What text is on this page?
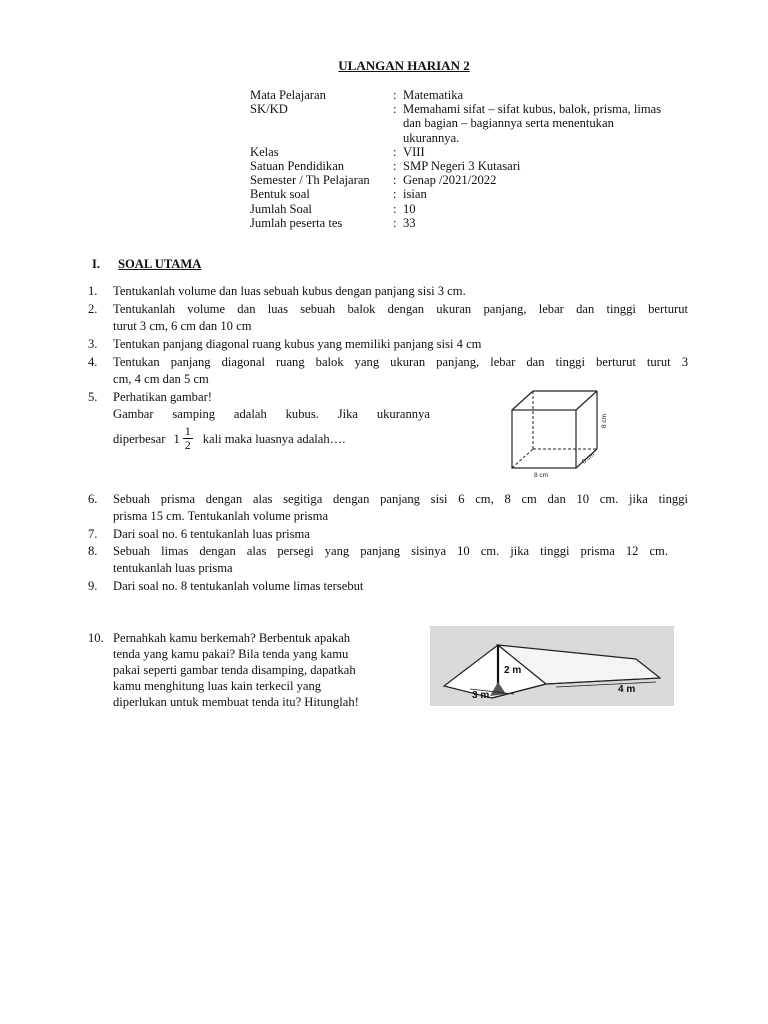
ULANGAN HARIAN 2
Mata Pelajaran	: Matematika
SK/KD	: Memahami sifat – sifat kubus, balok, prisma, limas dan bagian – bagiannya serta menentukan ukurannya.
Kelas	: VIII
Satuan Pendidikan	: SMP Negeri 3 Kutasari
Semester / Th Pelajaran	: Genap /2021/2022
Bentuk soal	: isian
Jumlah Soal	: 10
Jumlah peserta tes	: 33
I.	SOAL UTAMA
1. Tentukanlah volume dan luas sebuah kubus dengan panjang sisi 3 cm.
2. Tentukanlah volume dan luas sebuah balok dengan ukuran panjang, lebar dan tinggi berturut
turut 3 cm, 6 cm dan 10 cm
3. Tentukan panjang diagonal ruang kubus yang memiliki panjang sisi 4 cm
4. Tentukan panjang diagonal ruang balok yang ukuran panjang, lebar dan tinggi berturut turut 3
cm, 4 cm dan 5 cm
5. Perhatikan gambar!
Gambar samping adalah kubus. Jika ukurannya
diperbesar $1 \frac{1}{2}$ kali maka luasnya adalah….
8 cm
8 cm
8 cm
6. Sebuah prisma dengan alas segitiga dengan panjang sisi 6 cm, 8 cm dan 10 cm. jika tinggi
prisma 15 cm. Tentukanlah volume prisma
7. Dari soal no. 6 tentukanlah luas prisma
8. Sebuah limas dengan alas persegi yang panjang sisinya 10 cm. jika tinggi prisma 12 cm.
tentukanlah luas prisma
9. Dari soal no. 8 tentukanlah volume limas tersebut
10. Pernahkah kamu berkemah? Berbentuk apakah
tenda yang kamu pakai? Bila tenda yang kamu
pakai seperti gambar tenda disamping, dapatkah
kamu menghitung luas kain terkecil yang
diperlukan untuk membuat tenda itu? Hitunglah!
2 m
3 m
4 m
